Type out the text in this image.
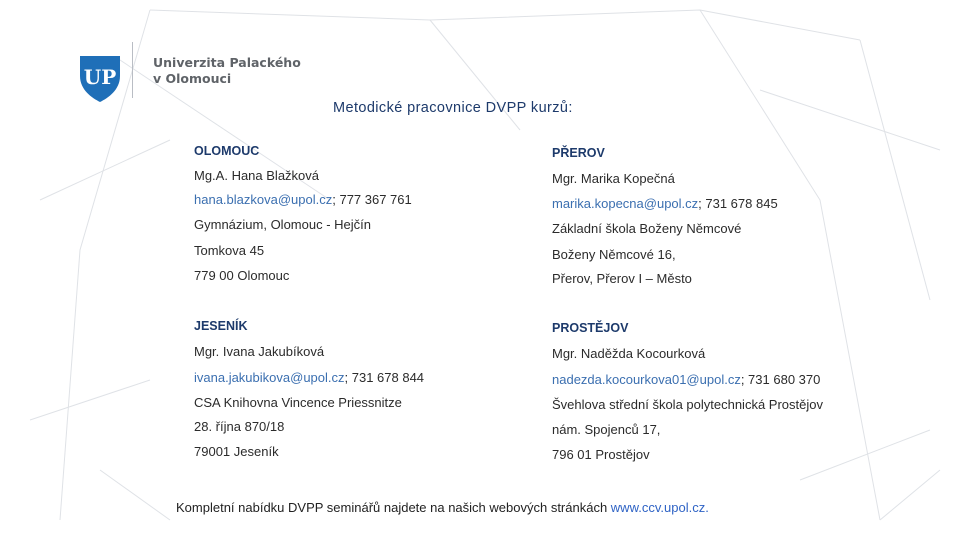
UP
Univerzita Palackého
v Olomouci
Metodické pracovnice DVPP kurzů:
OLOMOUC
Mg.A. Hana Blažková
hana.blazkova@upol.cz; 777 367 761
Gymnázium, Olomouc - Hejčín
Tomkova 45
779 00 Olomouc
JESENÍK
Mgr. Ivana Jakubíková
ivana.jakubikova@upol.cz; 731 678 844
CSA Knihovna Vincence Priessnitze
28. října 870/18
79001 Jeseník
PŘEROV
Mgr. Marika Kopečná
marika.kopecna@upol.cz; 731 678 845
Základní škola Boženy Němcové
Boženy Němcové 16,
Přerov, Přerov I – Město
PROSTĚJOV
Mgr. Naděžda Kocourková
nadezda.kocourkova01@upol.cz; 731 680 370
Švehlova střední škola polytechnická Prostějov
nám. Spojenců 17,
796 01 Prostějov
Kompletní nabídku DVPP seminářů najdete na našich webových stránkách www.ccv.upol.cz.
